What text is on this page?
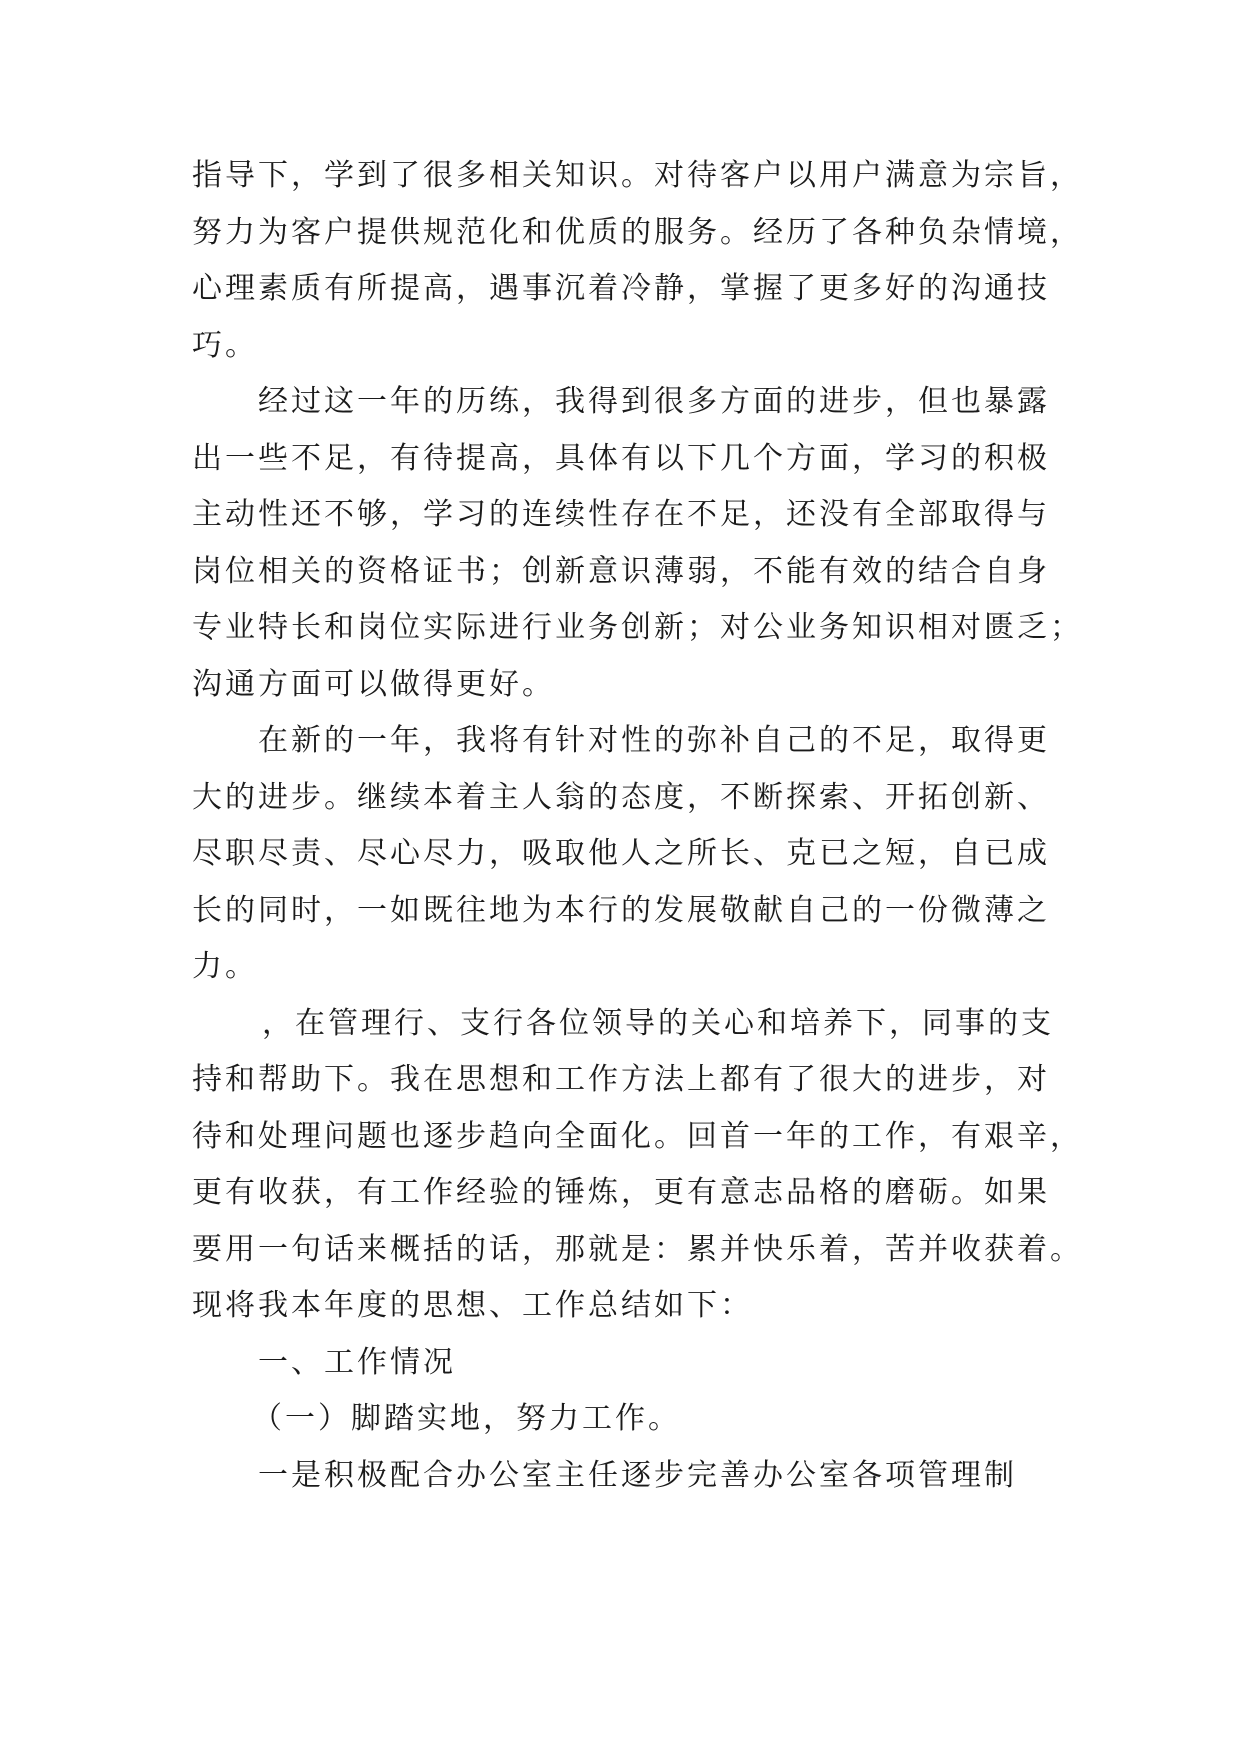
指导下，学到了很多相关知识。对待客户以用户满意为宗旨，
努力为客户提供规范化和优质的服务。经历了各种负杂情境，
心理素质有所提高，遇事沉着冷静，掌握了更多好的沟通技
巧。
经过这一年的历练，我得到很多方面的进步，但也暴露
出一些不足，有待提高，具体有以下几个方面，学习的积极
主动性还不够，学习的连续性存在不足，还没有全部取得与
岗位相关的资格证书；创新意识薄弱，不能有效的结合自身
专业特长和岗位实际进行业务创新；对公业务知识相对匮乏；
沟通方面可以做得更好。
在新的一年，我将有针对性的弥补自己的不足，取得更
大的进步。继续本着主人翁的态度，不断探索、开拓创新、
尽职尽责、尽心尽力，吸取他人之所长、克已之短，自已成
长的同时，一如既往地为本行的发展敬献自己的一份微薄之
力。
，在管理行、支行各位领导的关心和培养下，同事的支
持和帮助下。我在思想和工作方法上都有了很大的进步，对
待和处理问题也逐步趋向全面化。回首一年的工作，有艰辛，
更有收获，有工作经验的锤炼，更有意志品格的磨砺。如果
要用一句话来概括的话，那就是：累并快乐着，苦并收获着。
现将我本年度的思想、工作总结如下：
一、工作情况
（一）脚踏实地，努力工作。
一是积极配合办公室主任逐步完善办公室各项管理制
